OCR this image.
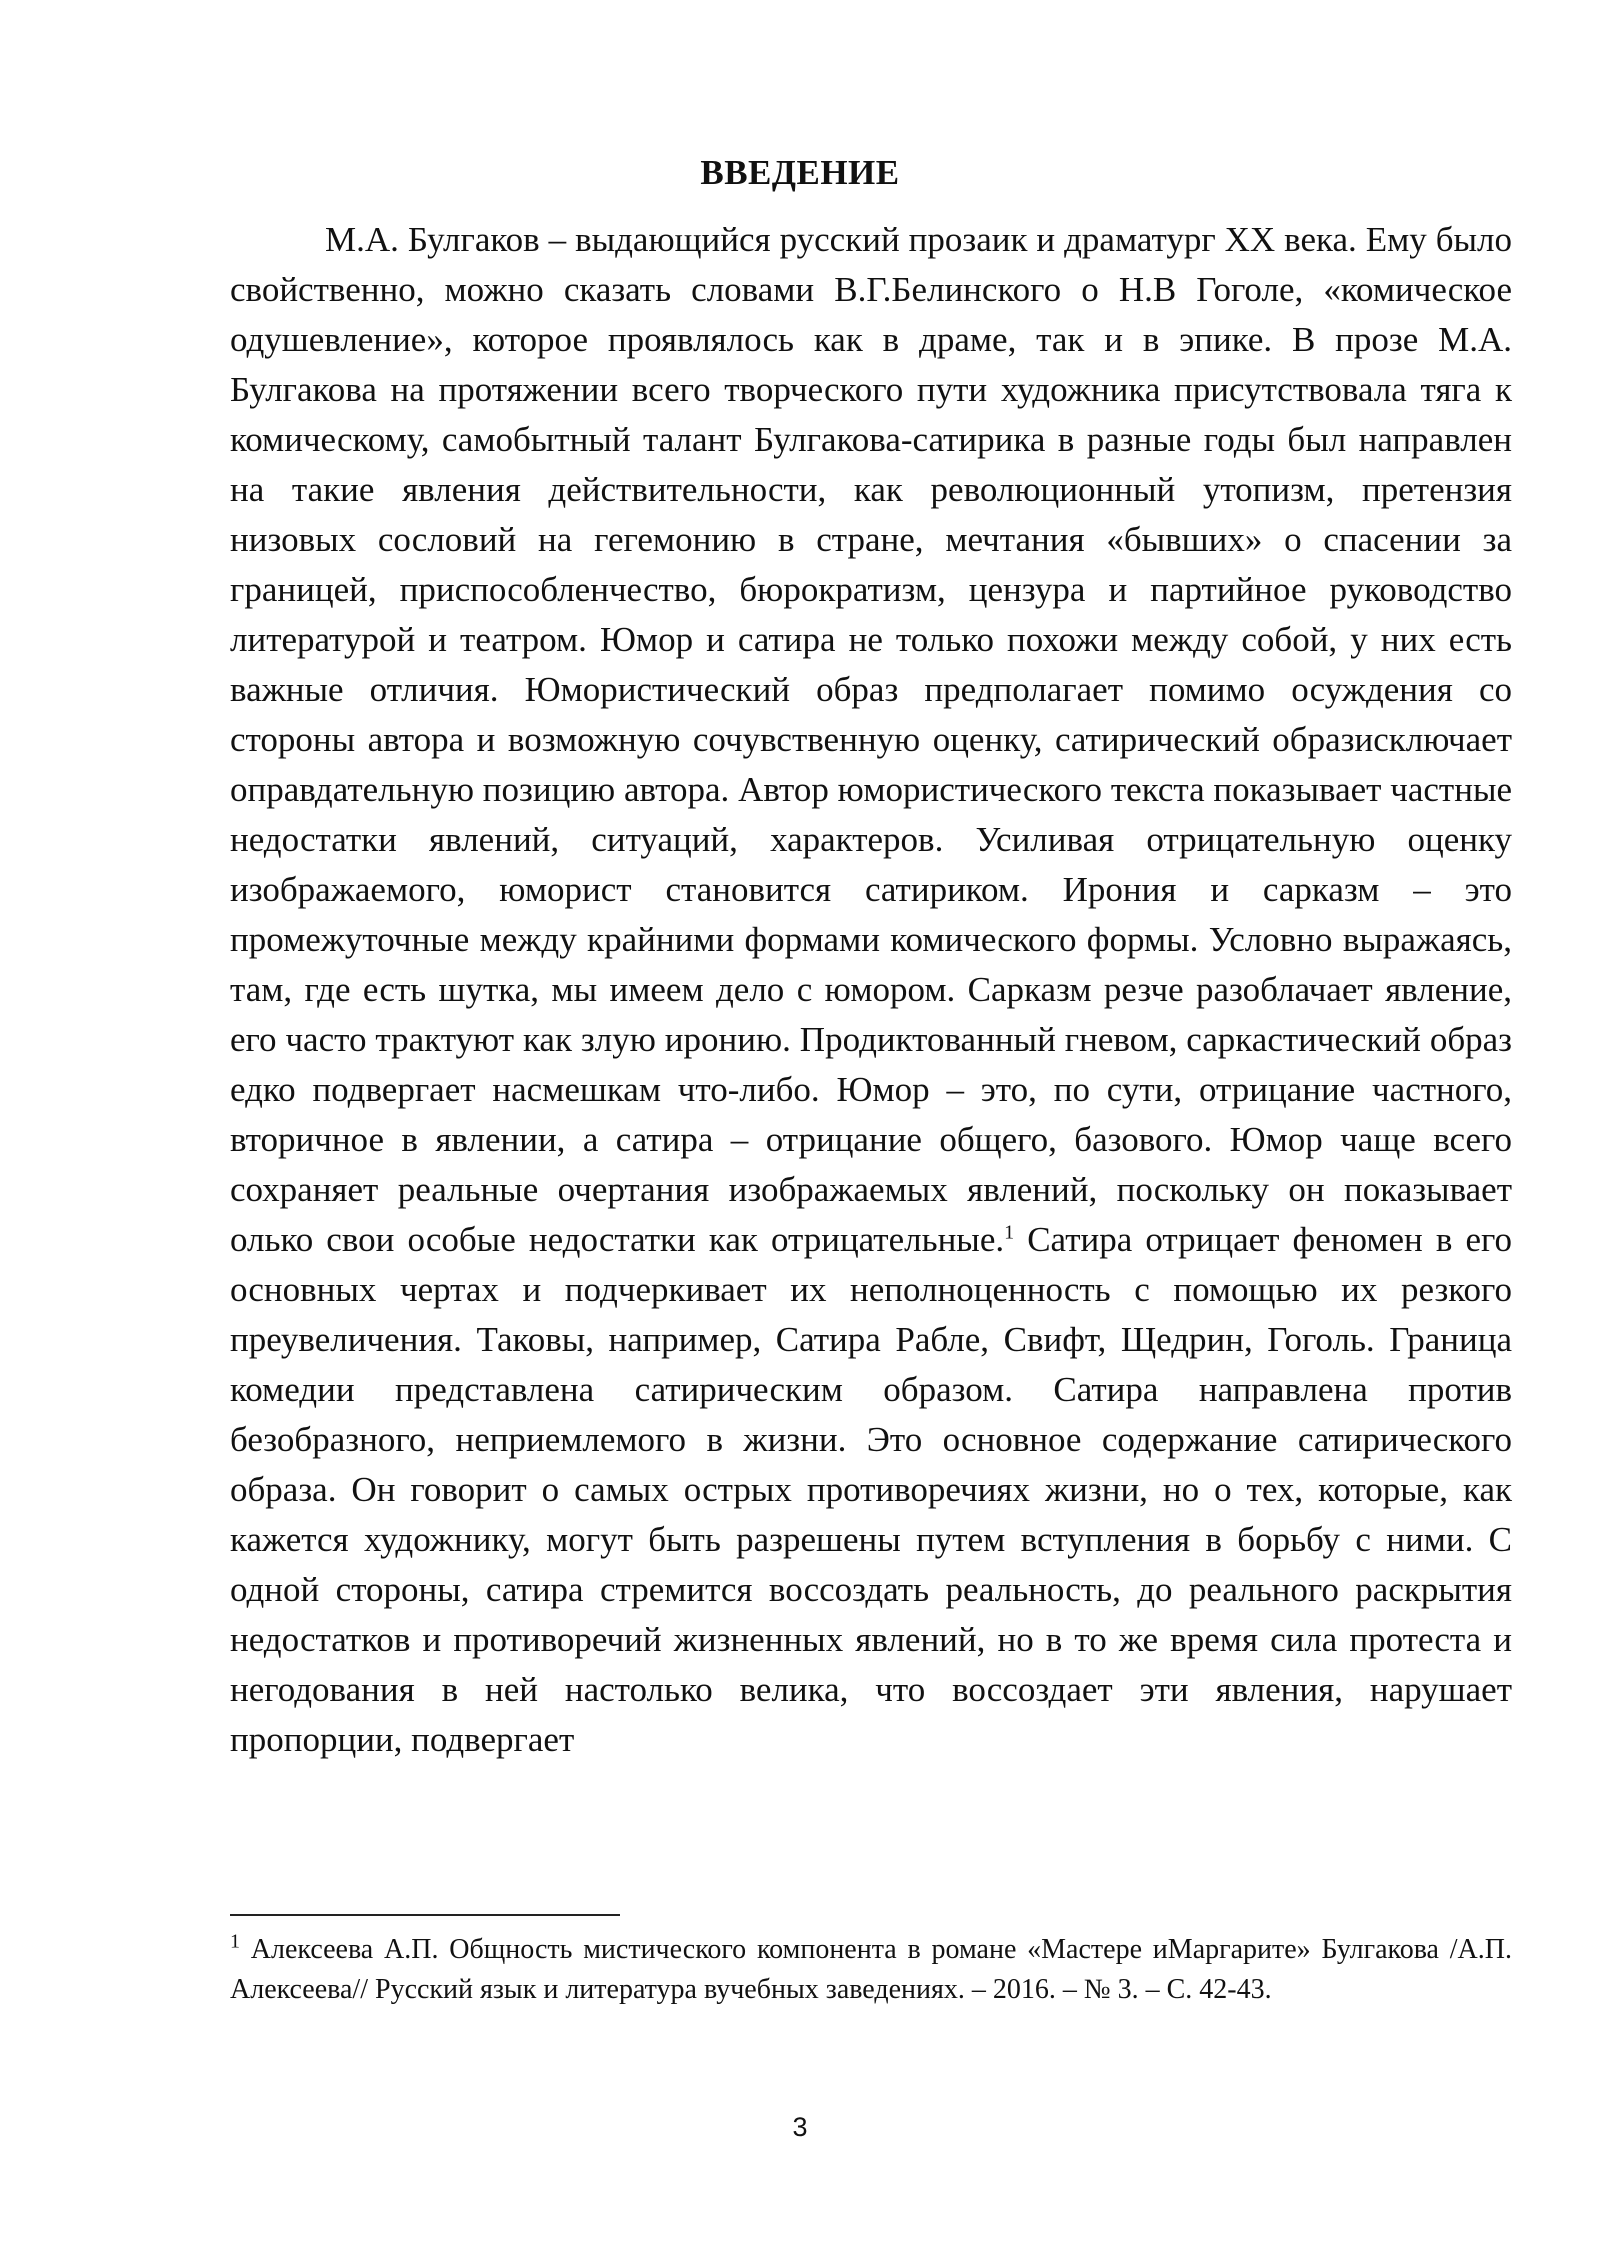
ВВЕДЕНИЕ

М.А. Булгаков – выдающийся русский прозаик и драматург XX века. Ему было свойственно, можно сказать словами В.Г.Белинского о Н.В Гоголе, «комическое одушевление», которое проявлялось как в драме, так и в эпике. В прозе М.А. Булгакова на протяжении всего творческого пути художника присутствовала тяга к комическому, самобытный талант Булгакова-сатирика в разные годы был направлен на такие явления действительности, как революционный утопизм, претензия низовых сословий на гегемонию в стране, мечтания «бывших» о спасении за границей, приспособленчество, бюрократизм, цензура и партийное руководство литературой и театром. Юмор и сатира не только похожи между собой, у них есть важные отличия. Юмористический образ предполагает помимо осуждения со стороны автора и возможную сочувственную оценку, сатирический образисключает оправдательную позицию автора. Автор юмористического текста показывает частные недостатки явлений, ситуаций, характеров. Усиливая отрицательную оценку изображаемого, юморист становится сатириком. Ирония и сарказм – это промежуточные между крайними формами комического формы. Условно выражаясь, там, где есть шутка, мы имеем дело с юмором. Сарказм резче разоблачает явление, его часто трактуют как злую иронию. Продиктованный гневом, саркастический образ едко подвергает насмешкам что-либо. Юмор – это, по сути, отрицание частного, вторичное в явлении, а сатира – отрицание общего, базового. Юмор чаще всего сохраняет реальные очертания изображаемых явлений, поскольку он показывает олько свои особые недостатки как отрицательные.$^1$ Сатира отрицает феномен в его основных чертах и подчеркивает их неполноценность с помощью их резкого преувеличения. Таковы, например, Сатира Рабле, Свифт, Щедрин, Гоголь. Граница комедии представлена сатирическим образом. Сатира направлена против безобразного, неприемлемого в жизни. Это основное содержание сатирического образа. Он говорит о самых острых противоречиях жизни, но о тех, которые, как кажется художнику, могут быть разрешены путем вступления в борьбу с ними. С одной стороны, сатира стремится воссоздать реальность, до реального раскрытия недостатков и противоречий жизненных явлений, но в то же время сила протеста и негодования в ней настолько велика, что воссоздает эти явления, нарушает пропорции, подвергает

$^1$ Алексеева А.П. Общность мистического компонента в романе «Мастере иМаргарите» Булгакова /А.П. Алексеева// Русский язык и литература вучебных заведениях. – 2016. – № 3. – С. 42-43.

3
